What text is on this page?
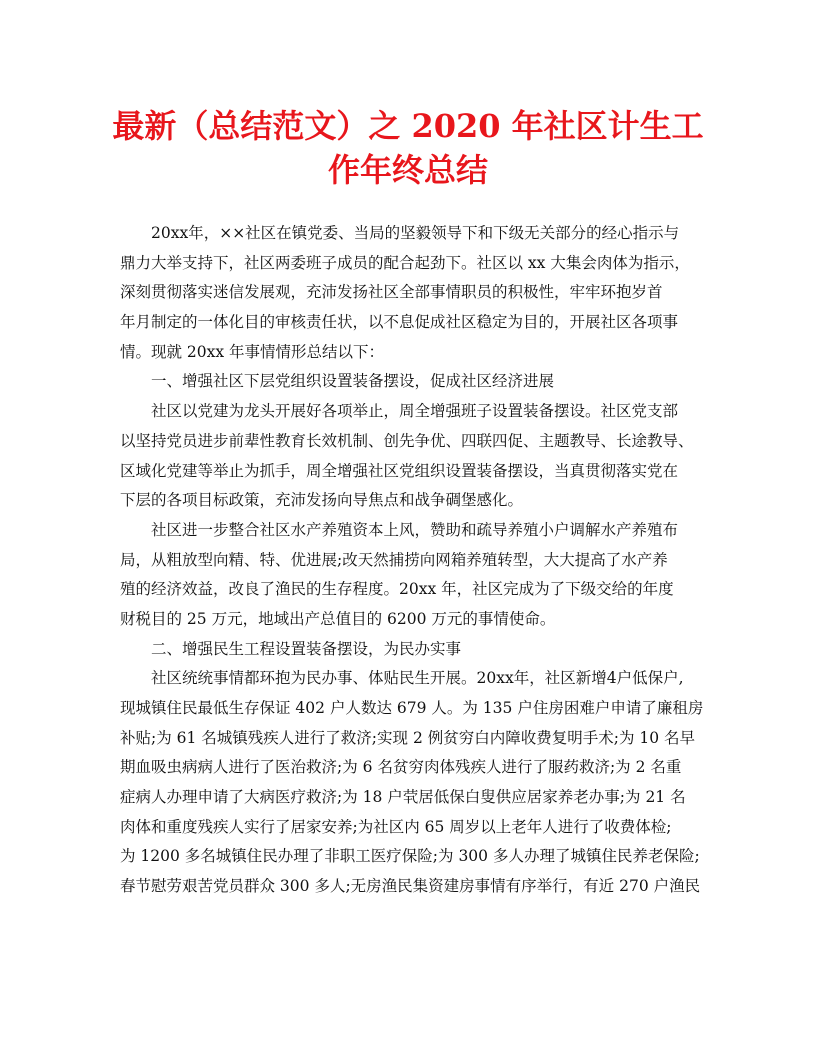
最新（总结范文）之 2020 年社区计生工
作年终总结
20xx年，××社区在镇党委、当局的坚毅领导下和下级无关部分的经心指示与
鼎力大举支持下，社区两委班子成员的配合起劲下。社区以 xx 大集会肉体为指示，
深刻贯彻落实迷信发展观，充沛发扬社区全部事情职员的积极性，牢牢环抱岁首
年月制定的一体化目的审核责任状，以不息促成社区稳定为目的，开展社区各项事
情。现就 20xx 年事情情形总结以下：
一、增强社区下层党组织设置装备摆设，促成社区经济进展
社区以党建为龙头开展好各项举止，周全增强班子设置装备摆设。社区党支部
以坚持党员进步前辈性教育长效机制、创先争优、四联四促、主题教导、长途教导、
区域化党建等举止为抓手，周全增强社区党组织设置装备摆设，当真贯彻落实党在
下层的各项目标政策，充沛发扬向导焦点和战争碉堡感化。
社区进一步整合社区水产养殖资本上风，赞助和疏导养殖小户调解水产养殖布
局，从粗放型向精、特、优进展;改天然捕捞向网箱养殖转型，大大提高了水产养
殖的经济效益，改良了渔民的生存程度。20xx 年，社区完成为了下级交给的年度
财税目的 25 万元，地域出产总值目的 6200 万元的事情使命。
二、增强民生工程设置装备摆设，为民办实事
社区统统事情都环抱为民办事、体贴民生开展。20xx年，社区新增4户低保户,
现城镇住民最低生存保证 402 户人数达 679 人。为 135 户住房困难户申请了廉租房
补贴;为 61 名城镇残疾人进行了救济;实现 2 例贫穷白内障收费复明手术;为 10 名早
期血吸虫病病人进行了医治救济;为 6 名贫穷肉体残疾人进行了服药救济;为 2 名重
症病人办理申请了大病医疗救济;为 18 户茕居低保白叟供应居家养老办事;为 21 名
肉体和重度残疾人实行了居家安养;为社区内 65 周岁以上老年人进行了收费体检;
为 1200 多名城镇住民办理了非职工医疗保险;为 300 多人办理了城镇住民养老保险;
春节慰劳艰苦党员群众 300 多人;无房渔民集资建房事情有序举行，有近 270 户渔民
